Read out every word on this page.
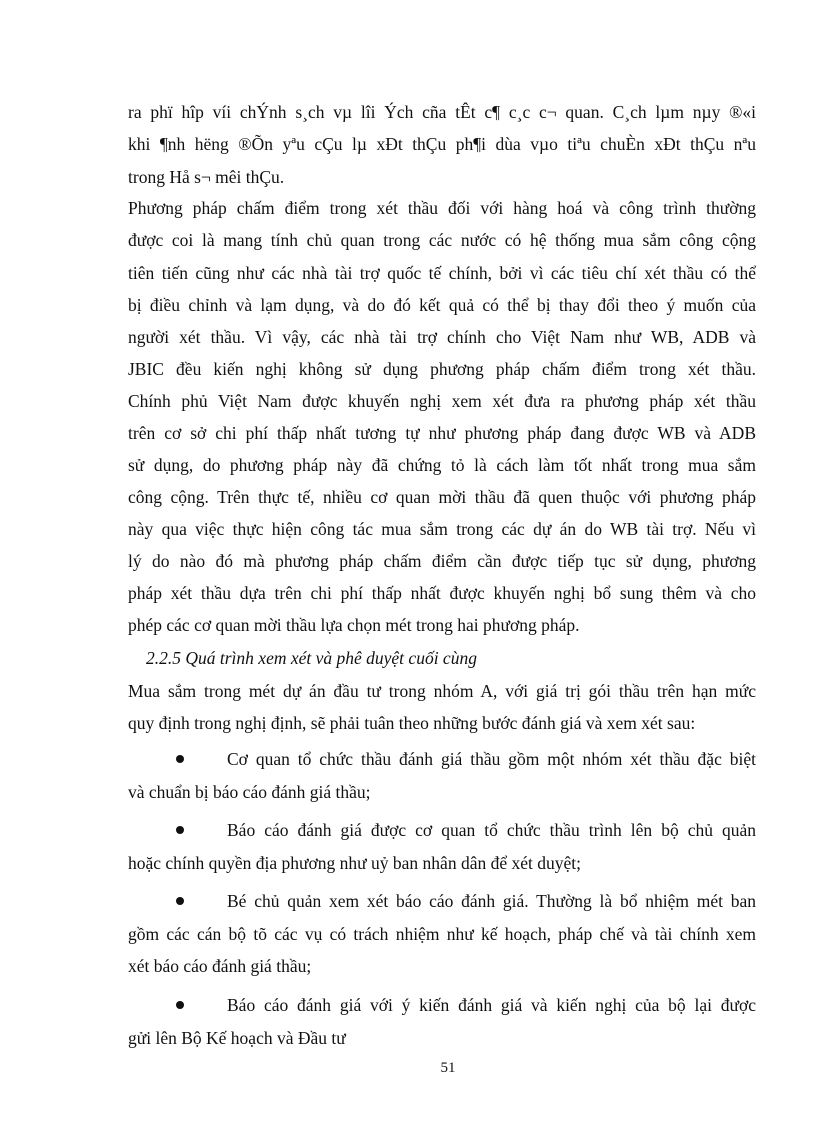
ra phï hîp víi chÝnh s¸ch vµ lîi Ých cña tÊt c¶ c¸c c¬ quan. C¸ch lµm nµy ®«i
khi ¶nh hëng ®Õn yªu cÇu lµ xÐt thÇu ph¶i dùa vµo tiªu chuÈn xÐt thÇu nªu
trong Hå s¬ mêi thÇu.
Phương pháp chấm điểm trong xét thầu đối với hàng hoá và công trình thường
được coi là mang tính chủ quan trong các nước có hệ thống mua sắm công cộng
tiên tiến cũng như các nhà tài trợ quốc tế chính, bởi vì các tiêu chí xét thầu có thể
bị điều chỉnh và lạm dụng, và do đó kết quả có thể bị thay đổi theo ý muốn của
người xét thầu. Vì vậy, các nhà tài trợ chính cho Việt Nam như WB, ADB và
JBIC đều kiến nghị không sử dụng phương pháp chấm điểm trong xét thầu.
Chính phủ Việt Nam được khuyến nghị xem xét đưa ra phương pháp xét thầu
trên cơ sở chi phí thấp nhất tương tự như phương pháp đang được WB và ADB
sử dụng, do phương pháp này đã chứng tỏ là cách làm tốt nhất trong mua sắm
công cộng. Trên thực tế, nhiều cơ quan mời thầu đã quen thuộc với phương pháp
này qua việc thực hiện công tác mua sắm trong các dự án do WB tài trợ. Nếu vì
lý do nào đó mà phương pháp chấm điểm cần được tiếp tục sử dụng, phương
pháp xét thầu dựa trên chi phí thấp nhất được khuyến nghị bổ sung thêm và cho
phép các cơ quan mời thầu lựa chọn mét trong hai phương pháp.
2.2.5 Quá trình xem xét và phê duyệt cuối cùng
Mua sắm trong mét dự án đầu tư trong nhóm A, với giá trị gói thầu trên hạn mức
quy định trong nghị định, sẽ phải tuân theo những bước đánh giá và xem xét sau:
Cơ quan tổ chức thầu đánh giá thầu gồm một nhóm xét thầu đặc biệt
và chuẩn bị báo cáo đánh giá thầu;
Báo cáo đánh giá được cơ quan tổ chức thầu trình lên bộ chủ quản
hoặc chính quyền địa phương như uỷ ban nhân dân để xét duyệt;
Bé chủ quản xem xét báo cáo đánh giá. Thường là bổ nhiệm mét ban
gồm các cán bộ tõ các vụ có trách nhiệm như kế hoạch, pháp chế và tài chính xem
xét báo cáo đánh giá thầu;
Báo cáo đánh giá với ý kiến đánh giá và kiến nghị của bộ lại được
gửi lên Bộ Kế hoạch và Đầu tư
51
